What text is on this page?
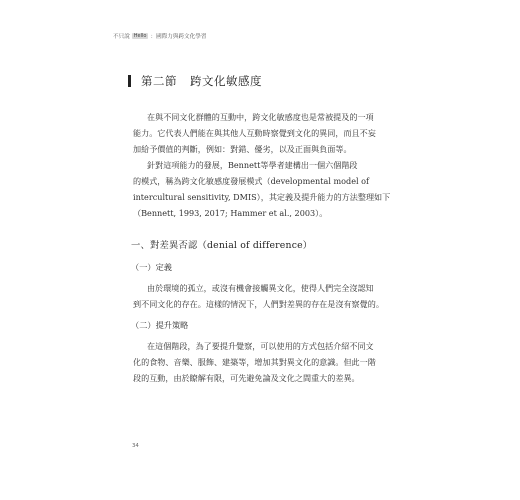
不只說 Hello ：國際力與跨文化學習
第二節 跨文化敏感度
在與不同文化群體的互動中，跨文化敏感度也是常被提及的一項
能力。它代表人們能在與其他人互動時察覺到文化的異同，而且不妄
加給予價值的判斷，例如：對錯、優劣，以及正面與負面等。
針對這項能力的發展，Bennett等學者建構出一個六個階段
的模式，稱為跨文化敏感度發展模式（developmental model of
intercultural sensitivity, DMIS），其定義及提升能力的方法整理如下
（Bennett, 1993, 2017; Hammer et al., 2003）。
一、對差異否認（denial of difference）
（一）定義
由於環境的孤立，或沒有機會接觸異文化，使得人們完全沒認知
到不同文化的存在。這樣的情況下，人們對差異的存在是沒有察覺的。
（二）提升策略
在這個階段，為了要提升覺察，可以使用的方式包括介紹不同文
化的食物、音樂、服飾、建築等，增加其對異文化的意識。但此一階
段的互動，由於瞭解有限，可先避免論及文化之間重大的差異。
34
